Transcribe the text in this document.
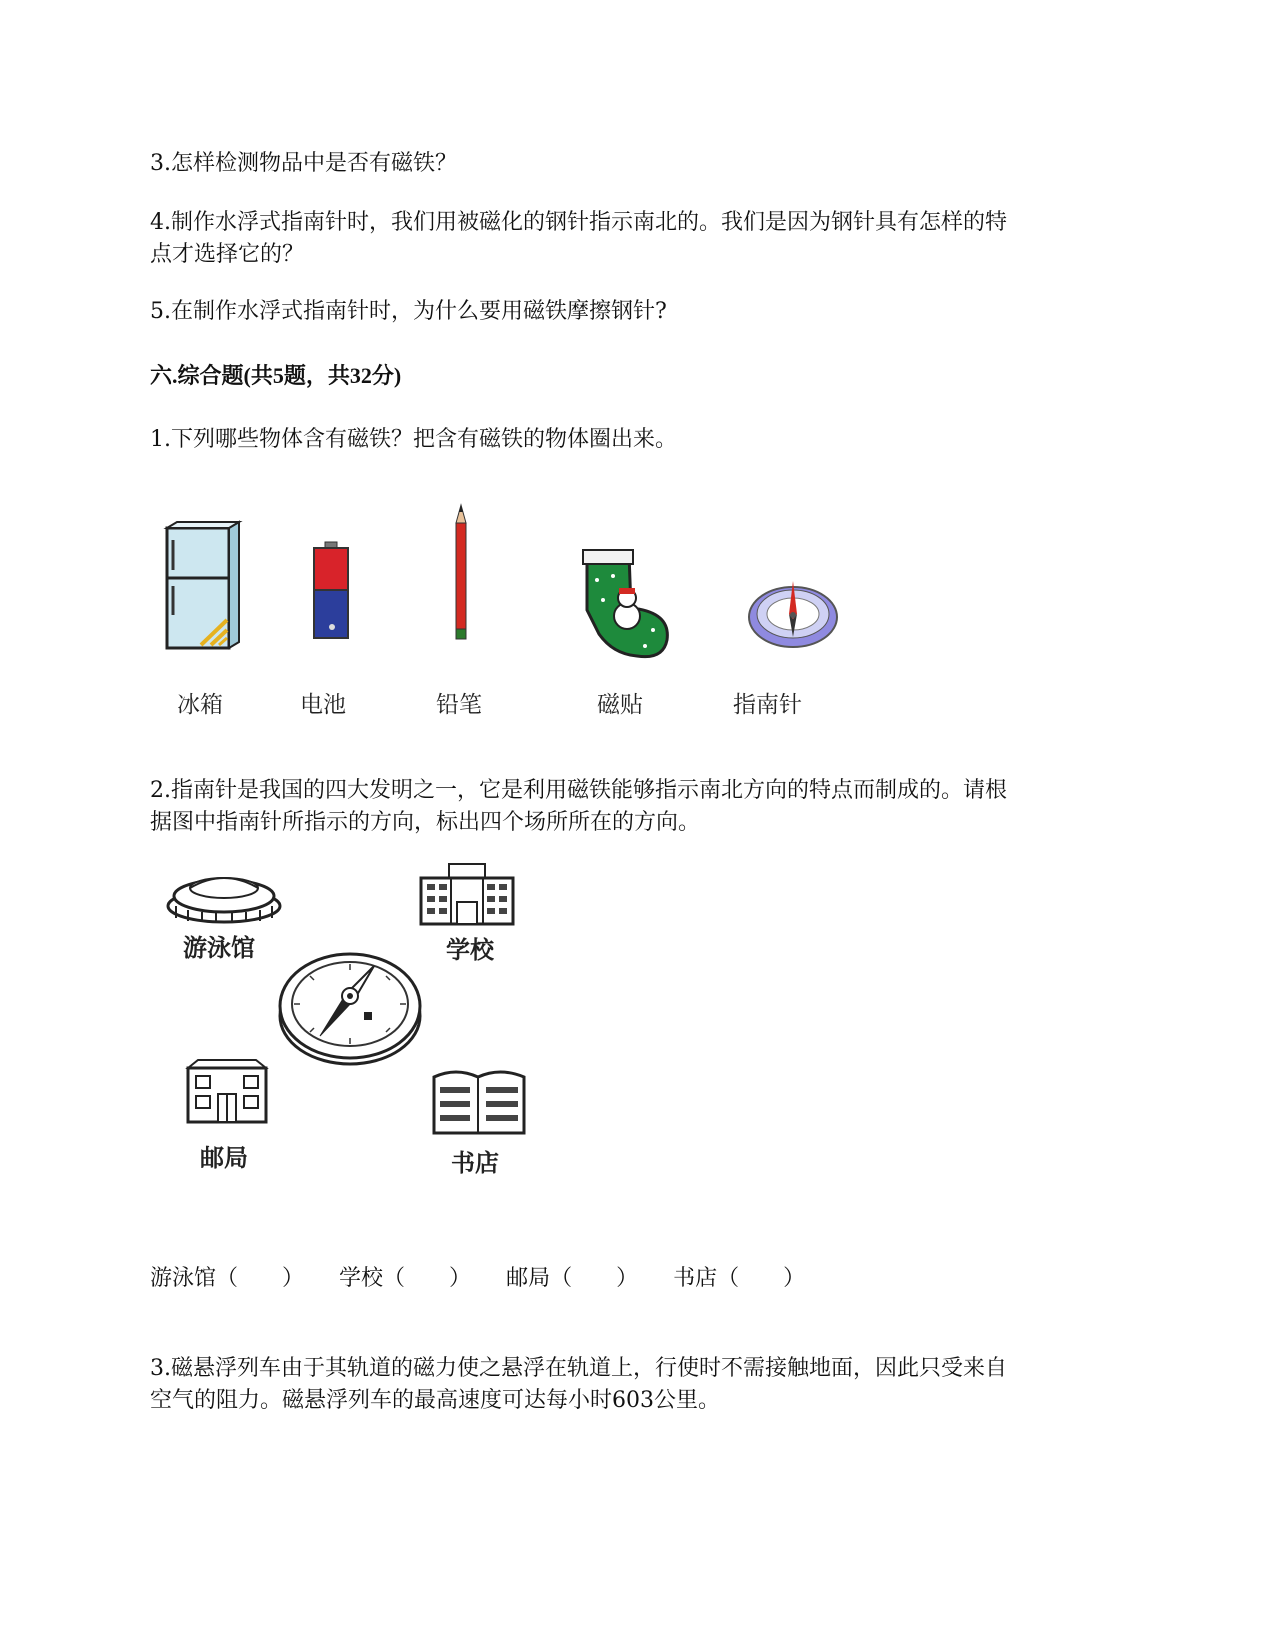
3.怎样检测物品中是否有磁铁？

4.制作水浮式指南针时，我们用被磁化的钢针指示南北的。我们是因为钢针具有怎样的特

点才选择它的？

5.在制作水浮式指南针时，为什么要用磁铁摩擦钢针?

六.综合题(共5题，共32分)

1.下列哪些物体含有磁铁？把含有磁铁的物体圈出来。

冰箱	电池	铅笔	磁贴	指南针

2.指南针是我国的四大发明之一，它是利用磁铁能够指示南北方向的特点而制成的。请根

据图中指南针所指示的方向，标出四个场所所在的方向。

游泳馆	学校
邮局	书店
游泳馆（　　） 学校（　　） 邮局（　　） 书店（　　）

3.磁悬浮列车由于其轨道的磁力使之悬浮在轨道上，行使时不需接触地面，因此只受来自

空气的阻力。磁悬浮列车的最高速度可达每小时603公里。
